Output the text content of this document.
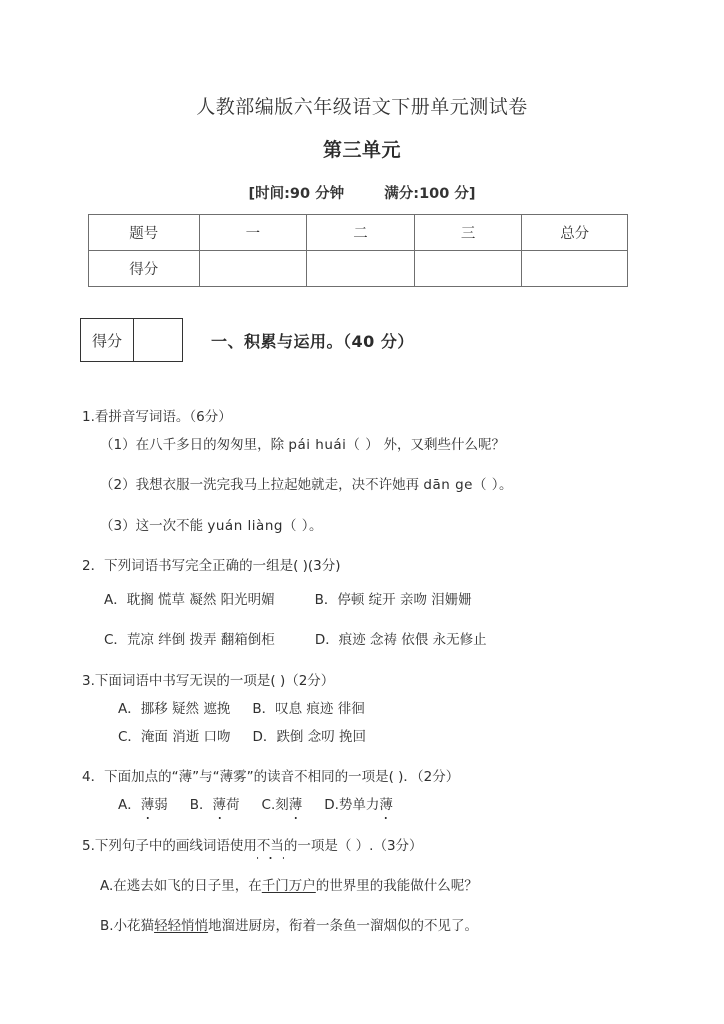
人教部编版六年级语文下册单元测试卷
第三单元
[时间:90 分钟	满分:100 分]
题号	一	二	三	总分
得分				
得分	一、积累与运用。（40 分）
1.看拼音写词语。（6分）
（1）在八千多日的匆匆里，除 pái huái（ ） 外，又剩些什么呢？
（2）我想衣服一洗完我马上拉起她就走，决不许她再 dān ge（ ）。
（3）这一次不能 yuán liàng（ ）。
2．下列词语书写完全正确的一组是( )(3分)
A．耽搁 慌草 凝然 阳光明媚	B．停顿 绽开 亲吻 泪姗姗
C．荒凉 绊倒 拨弄 翻箱倒柜	D．痕迹 念祷 依偎 永无修止
3.下面词语中书写无误的一项是( )（2分）
A．挪移 疑然 遮挽 B．叹息 痕迹 徘徊
C．淹面 消逝 口吻 D．跌倒 念叨 挽回
4．下面加点的“薄”与“薄雾”的读音不相同的一项是( )．（2分）
A．薄弱 B．薄荷 C.刻薄 D.势单力薄
5.下列句子中的画线词语使用不当的一项是（ ）.（3分）
A.在逃去如飞的日子里，在千门万户的世界里的我能做什么呢？
B.小花猫轻轻悄悄地溜进厨房，衔着一条鱼一溜烟似的不见了。
